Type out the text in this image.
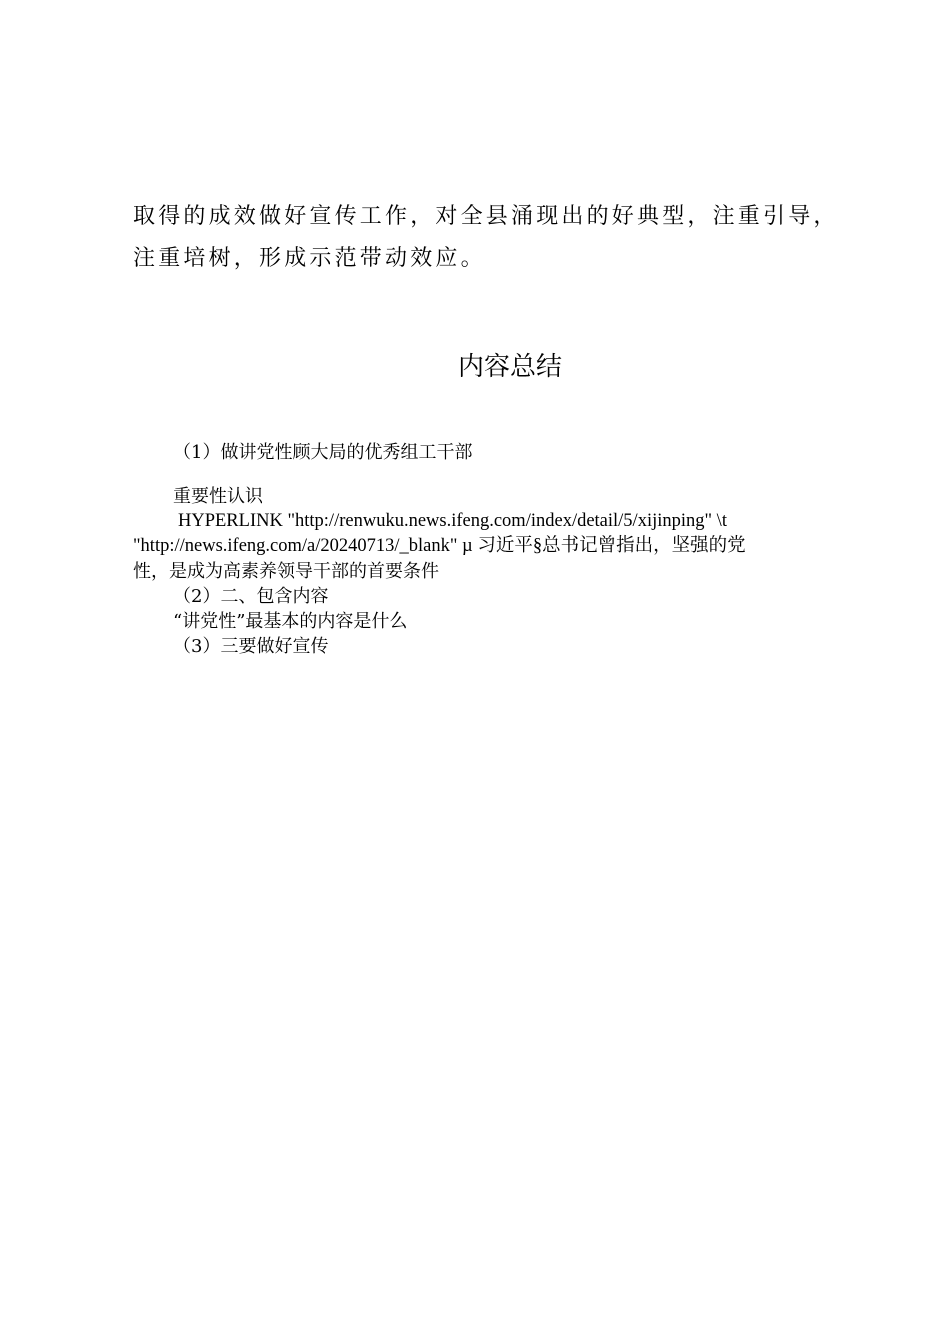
取得的成效做好宣传工作，对全县涌现出的好典型，注重引导，注重培树，形成示范带动效应。

内容总结
（1）做讲党性顾大局的优秀组工干部
重要性认识
HYPERLINK "http://renwuku.news.ifeng.com/index/detail/5/xijinping" \t
"http://news.ifeng.com/a/20240713/_blank" µ 习近平§总书记曾指出，坚强的党
性，是成为高素养领导干部的首要条件
（2）二、包含内容
“讲党性”最基本的内容是什么
（3）三要做好宣传
